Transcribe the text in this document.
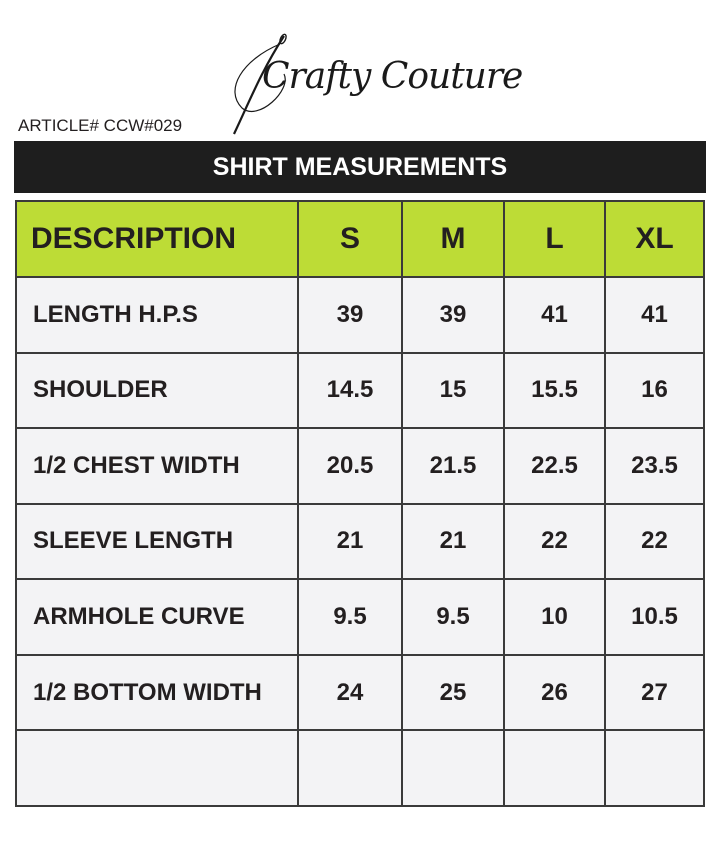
Crafty Couture
ARTICLE# CCW#029
SHIRT MEASUREMENTS
DESCRIPTION	S	M	L	XL
LENGTH H.P.S	39	39	41	41
SHOULDER	14.5	15	15.5	16
1/2 CHEST WIDTH	20.5	21.5	22.5	23.5
SLEEVE LENGTH	21	21	22	22
ARMHOLE CURVE	9.5	9.5	10	10.5
1/2 BOTTOM WIDTH	24	25	26	27
